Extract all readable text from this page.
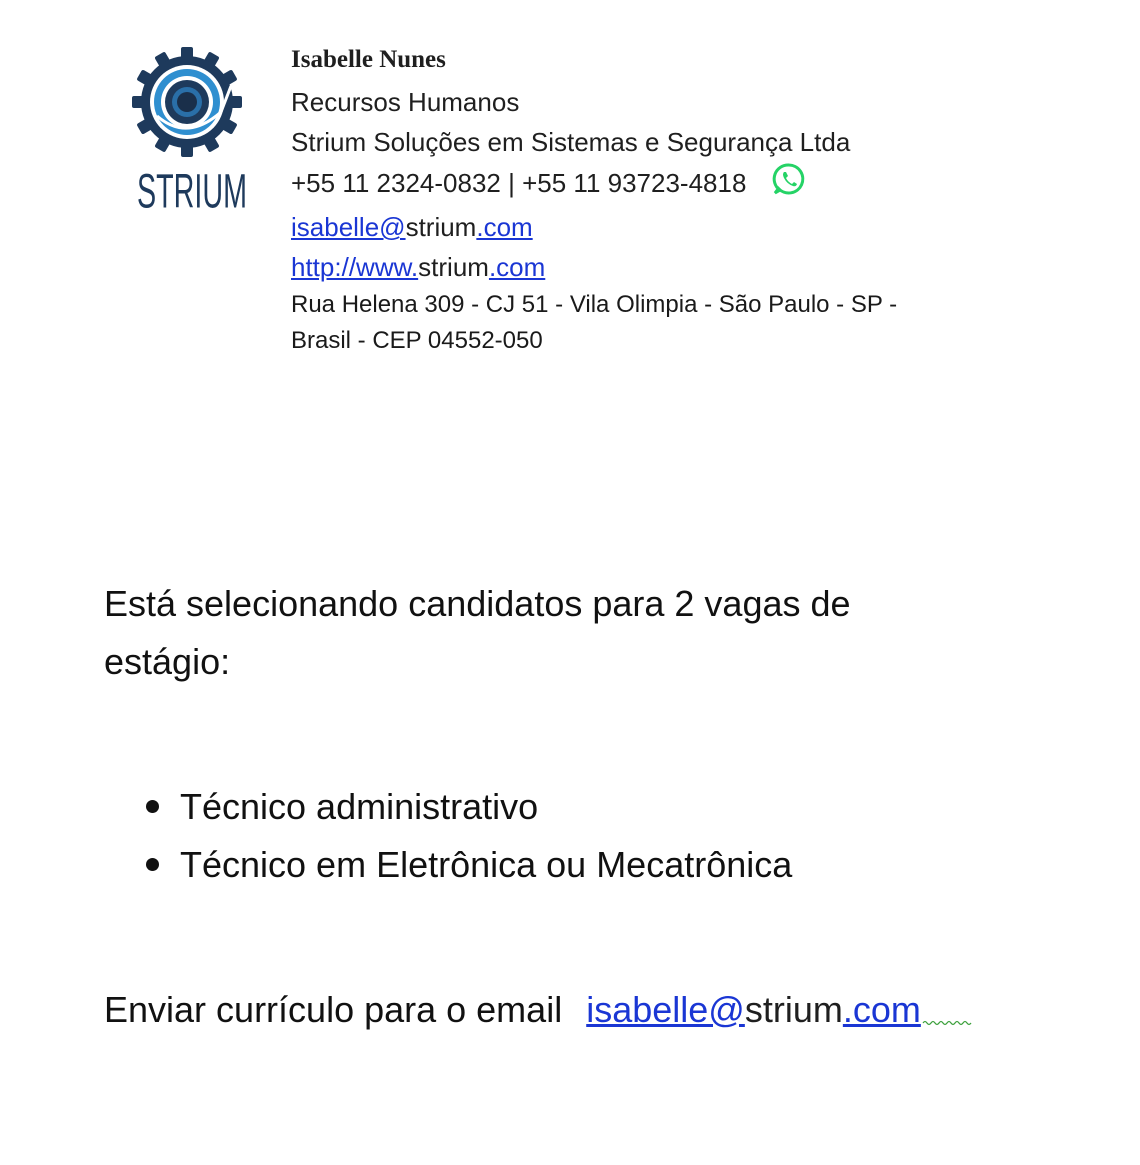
STRIUM
Isabelle Nunes
Recursos Humanos
Strium Soluções em Sistemas e Segurança Ltda
+55 11 2324-0832 | +55 11 93723-4818
isabelle@strium.com
http://www.strium.com
Rua Helena 309 - CJ 51 - Vila Olimpia - São Paulo - SP -
Brasil - CEP 04552-050
Está selecionando candidatos para 2 vagas de
estágio:
Técnico administrativo
Técnico em Eletrônica ou Mecatrônica
Enviar currículo para o email isabelle@strium.com
